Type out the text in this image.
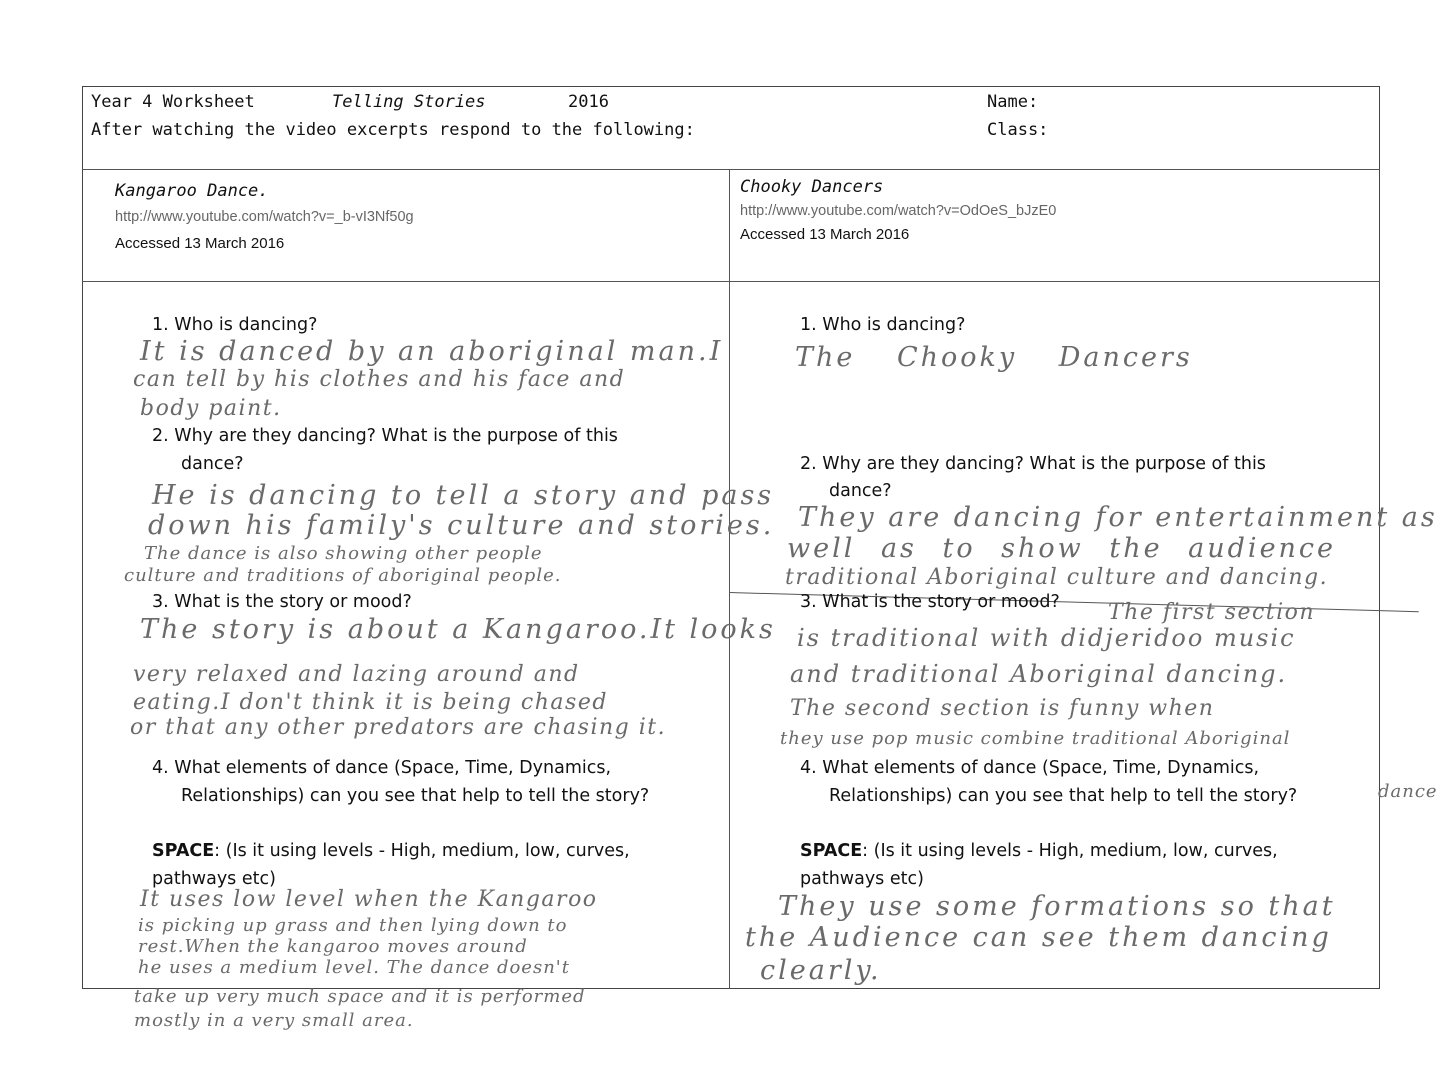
Year 4 Worksheet	Telling Stories	2016
After watching the video excerpts respond to the following:
Name:
Class:
Kangaroo Dance.
http://www.youtube.com/watch?v=_b-vI3Nf50g
Accessed 13 March 2016
Chooky Dancers
http://www.youtube.com/watch?v=OdOeS_bJzE0
Accessed 13 March 2016
1. Who is dancing?
It is danced by an aboriginal man.I
can tell by his clothes and his face and
body paint.
2. Why are they dancing? What is the purpose of this
dance?
He is dancing to tell a story and pass
down his family's culture and stories.
The dance is also showing other people
culture and traditions of aboriginal people.
3. What is the story or mood?
The story is about a Kangaroo.It looks
very relaxed and lazing around and
eating.I don't think it is being chased
or that any other predators are chasing it.
4. What elements of dance (Space, Time, Dynamics,
Relationships) can you see that help to tell the story?
SPACE: (Is it using levels - High, medium, low, curves,
pathways etc)
It uses low level when the Kangaroo
is picking up grass and then lying down to
rest.When the kangaroo moves around
he uses a medium level. The dance doesn't
take up very much space and it is performed
mostly in a very small area.
1. Who is dancing?
The Chooky Dancers
2. Why are they dancing? What is the purpose of this
dance?
They are dancing for entertainment as
well as to show the audience
traditional Aboriginal culture and dancing.
3. What is the story or mood? The first section
is traditional with didjeridoo music
and traditional Aboriginal dancing.
The second section is funny when
they use pop music combine traditional Aboriginal
dance
4. What elements of dance (Space, Time, Dynamics,
Relationships) can you see that help to tell the story?
SPACE: (Is it using levels - High, medium, low, curves,
pathways etc)
They use some formations so that
the Audience can see them dancing
clearly.
